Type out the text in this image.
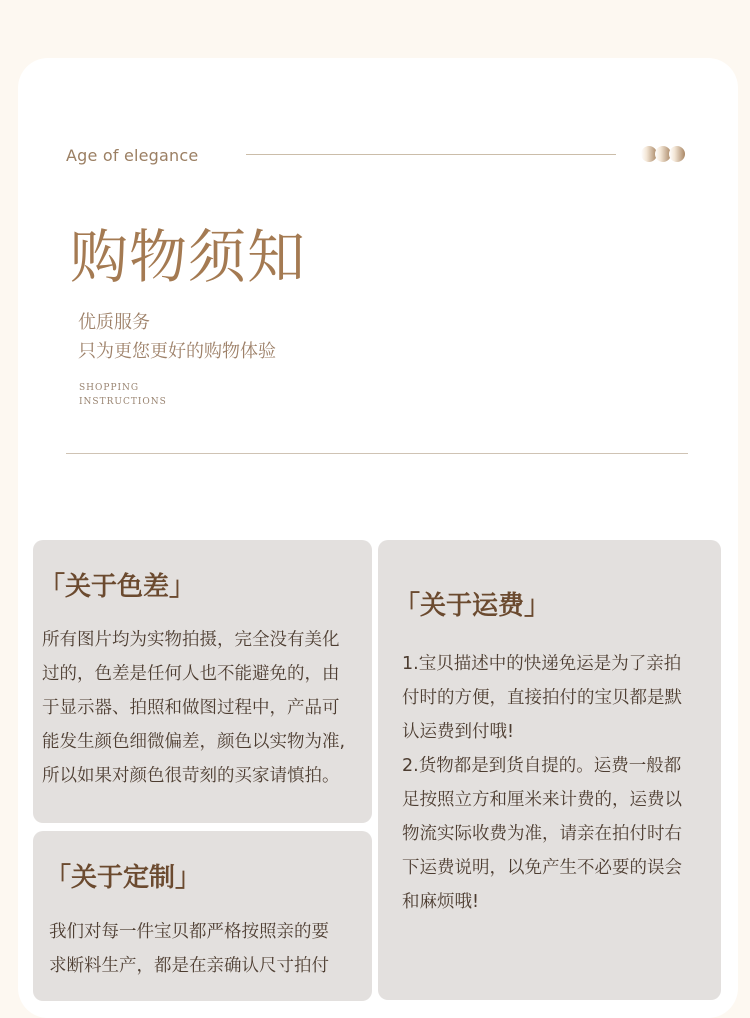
Age of elegance
购物须知
优质服务
只为更您更好的购物体验
SHOPPING
INSTRUCTIONS
「关于色差」

所有图片均为实物拍摄，完全没有美化
过的，色差是任何人也不能避免的，由
于显示器、拍照和做图过程中，产品可
能发生颜色细微偏差，颜色以实物为准,
所以如果对颜色很苛刻的买家请慎拍。

「关于运费」

1.宝贝描述中的快递免运是为了亲拍
付时的方便，直接拍付的宝贝都是默
认运费到付哦!
2.货物都是到货自提的。运费一般都
足按照立方和厘米来计费的，运费以
物流实际收费为准，请亲在拍付时右
下运费说明，以免产生不必要的误会
和麻烦哦!

「关于定制」

我们对每一件宝贝都严格按照亲的要
求断料生产，都是在亲确认尺寸拍付
